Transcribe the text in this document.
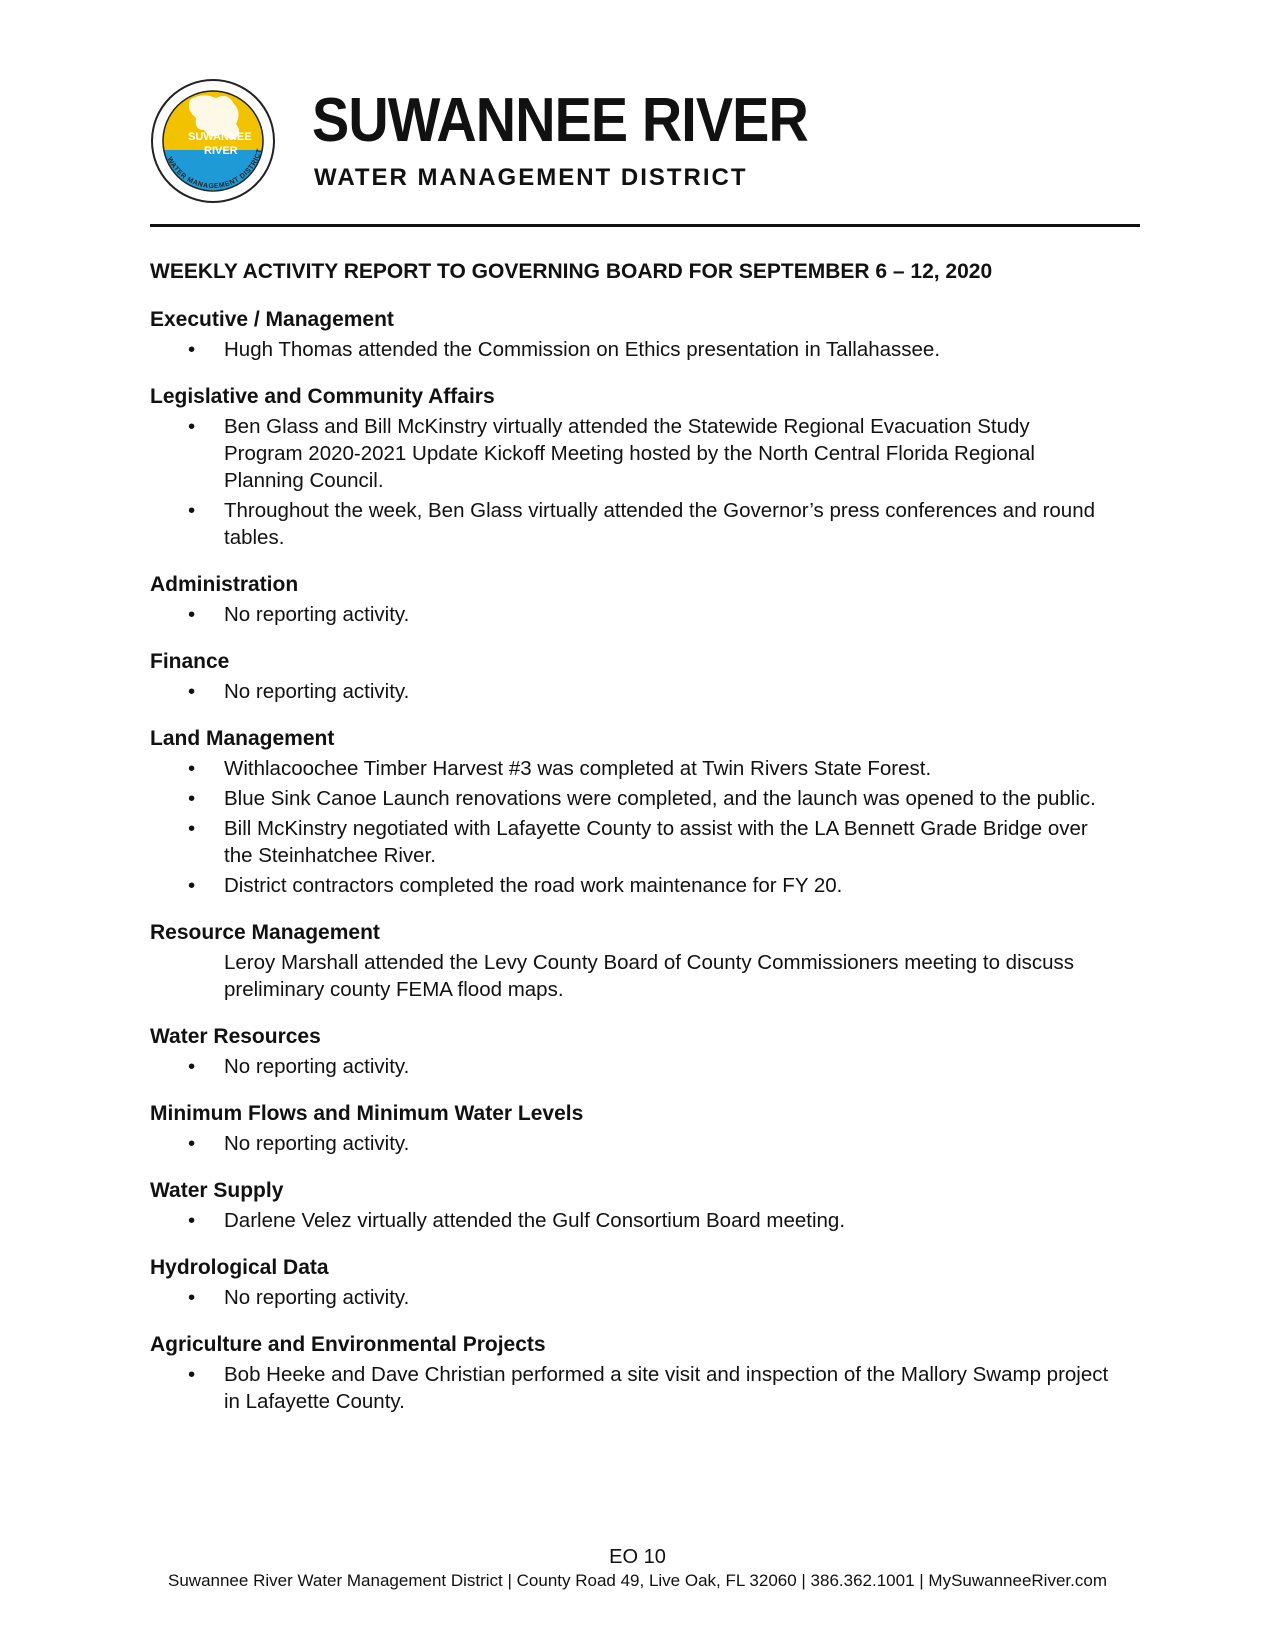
SUWANNEE
RIVER
WATER MANAGEMENT DISTRICT SUWANNEE RIVER
WATER MANAGEMENT DISTRICT
WEEKLY ACTIVITY REPORT TO GOVERNING BOARD FOR SEPTEMBER 6 – 12, 2020
Executive / Management
• Hugh Thomas attended the Commission on Ethics presentation in Tallahassee.
Legislative and Community Affairs
• Ben Glass and Bill McKinstry virtually attended the Statewide Regional Evacuation Study Program 2020-2021 Update Kickoff Meeting hosted by the North Central Florida Regional Planning Council.
• Throughout the week, Ben Glass virtually attended the Governor’s press conferences and round tables.
Administration
• No reporting activity.
Finance
• No reporting activity.
Land Management
• Withlacoochee Timber Harvest #3 was completed at Twin Rivers State Forest.
• Blue Sink Canoe Launch renovations were completed, and the launch was opened to the public.
• Bill McKinstry negotiated with Lafayette County to assist with the LA Bennett Grade Bridge over the Steinhatchee River.
• District contractors completed the road work maintenance for FY 20.
Resource Management
Leroy Marshall attended the Levy County Board of County Commissioners meeting to discuss preliminary county FEMA flood maps.
Water Resources
• No reporting activity.
Minimum Flows and Minimum Water Levels
• No reporting activity.
Water Supply
• Darlene Velez virtually attended the Gulf Consortium Board meeting.
Hydrological Data
• No reporting activity.
Agriculture and Environmental Projects
• Bob Heeke and Dave Christian performed a site visit and inspection of the Mallory Swamp project in Lafayette County.
EO 10
Suwannee River Water Management District | County Road 49, Live Oak, FL 32060 | 386.362.1001 | MySuwanneeRiver.com
